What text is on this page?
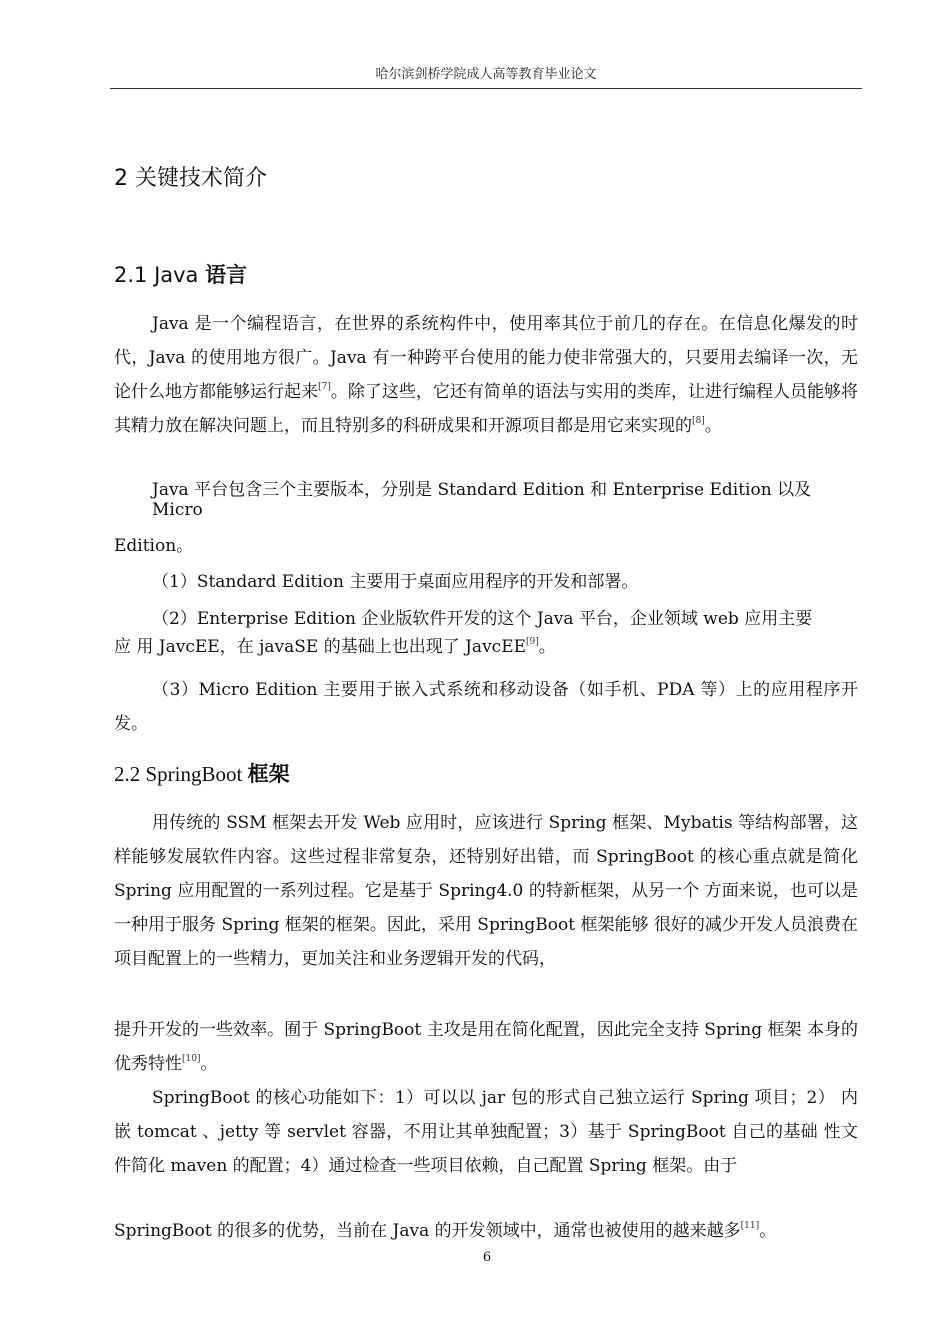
哈尔滨剑桥学院成人高等教育毕业论文
2 关键技术简介
2.1 Java 语言
Java 是一个编程语言，在世界的系统构件中，使用率其位于前几的存在。在信息化爆发的时代，Java 的使用地方很广。Java 有一种跨平台使用的能力使非常强大的，只要用去编译一次，无论什么地方都能够运行起来[7]。除了这些，它还有简单的语法与实用的类库，让进行编程人员能够将其精力放在解决问题上，而且特别多的科研成果和开源项目都是用它来实现的[8]。
Java 平台包含三个主要版本，分别是 Standard Edition 和 Enterprise Edition 以及
Micro
Edition。
（1）Standard Edition 主要用于桌面应用程序的开发和部署。
（2）Enterprise Edition 企业版软件开发的这个 Java 平台，企业领域 web 应用主要
应 用 JavcEE，在 javaSE 的基础上也出现了 JavcEE[9]。
（3）Micro Edition 主要用于嵌入式系统和移动设备（如手机、PDA 等）上的应用程序开发。
2.2 SpringBoot 框架
用传统的 SSM 框架去开发 Web 应用时，应该进行 Spring 框架、Mybatis 等结构部署，这样能够发展软件内容。这些过程非常复杂，还特别好出错，而 SpringBoot 的核心重点就是简化 Spring 应用配置的一系列过程。它是基于 Spring4.0 的特新框架，从另一个 方面来说，也可以是一种用于服务 Spring 框架的框架。因此，采用 SpringBoot 框架能够 很好的减少开发人员浪费在项目配置上的一些精力，更加关注和业务逻辑开发的代码，
提升开发的一些效率。囿于 SpringBoot 主攻是用在简化配置，因此完全支持 Spring 框架 本身的优秀特性[10]。
SpringBoot 的核心功能如下：1）可以以 jar 包的形式自己独立运行 Spring 项目；2） 内嵌 tomcat 、jetty 等 servlet 容器，不用让其单独配置；3）基于 SpringBoot 自己的基础 性文件简化 maven 的配置；4）通过检查一些项目依赖，自己配置 Spring 框架。由于
SpringBoot 的很多的优势，当前在 Java 的开发领域中，通常也被使用的越来越多[11]。
6
